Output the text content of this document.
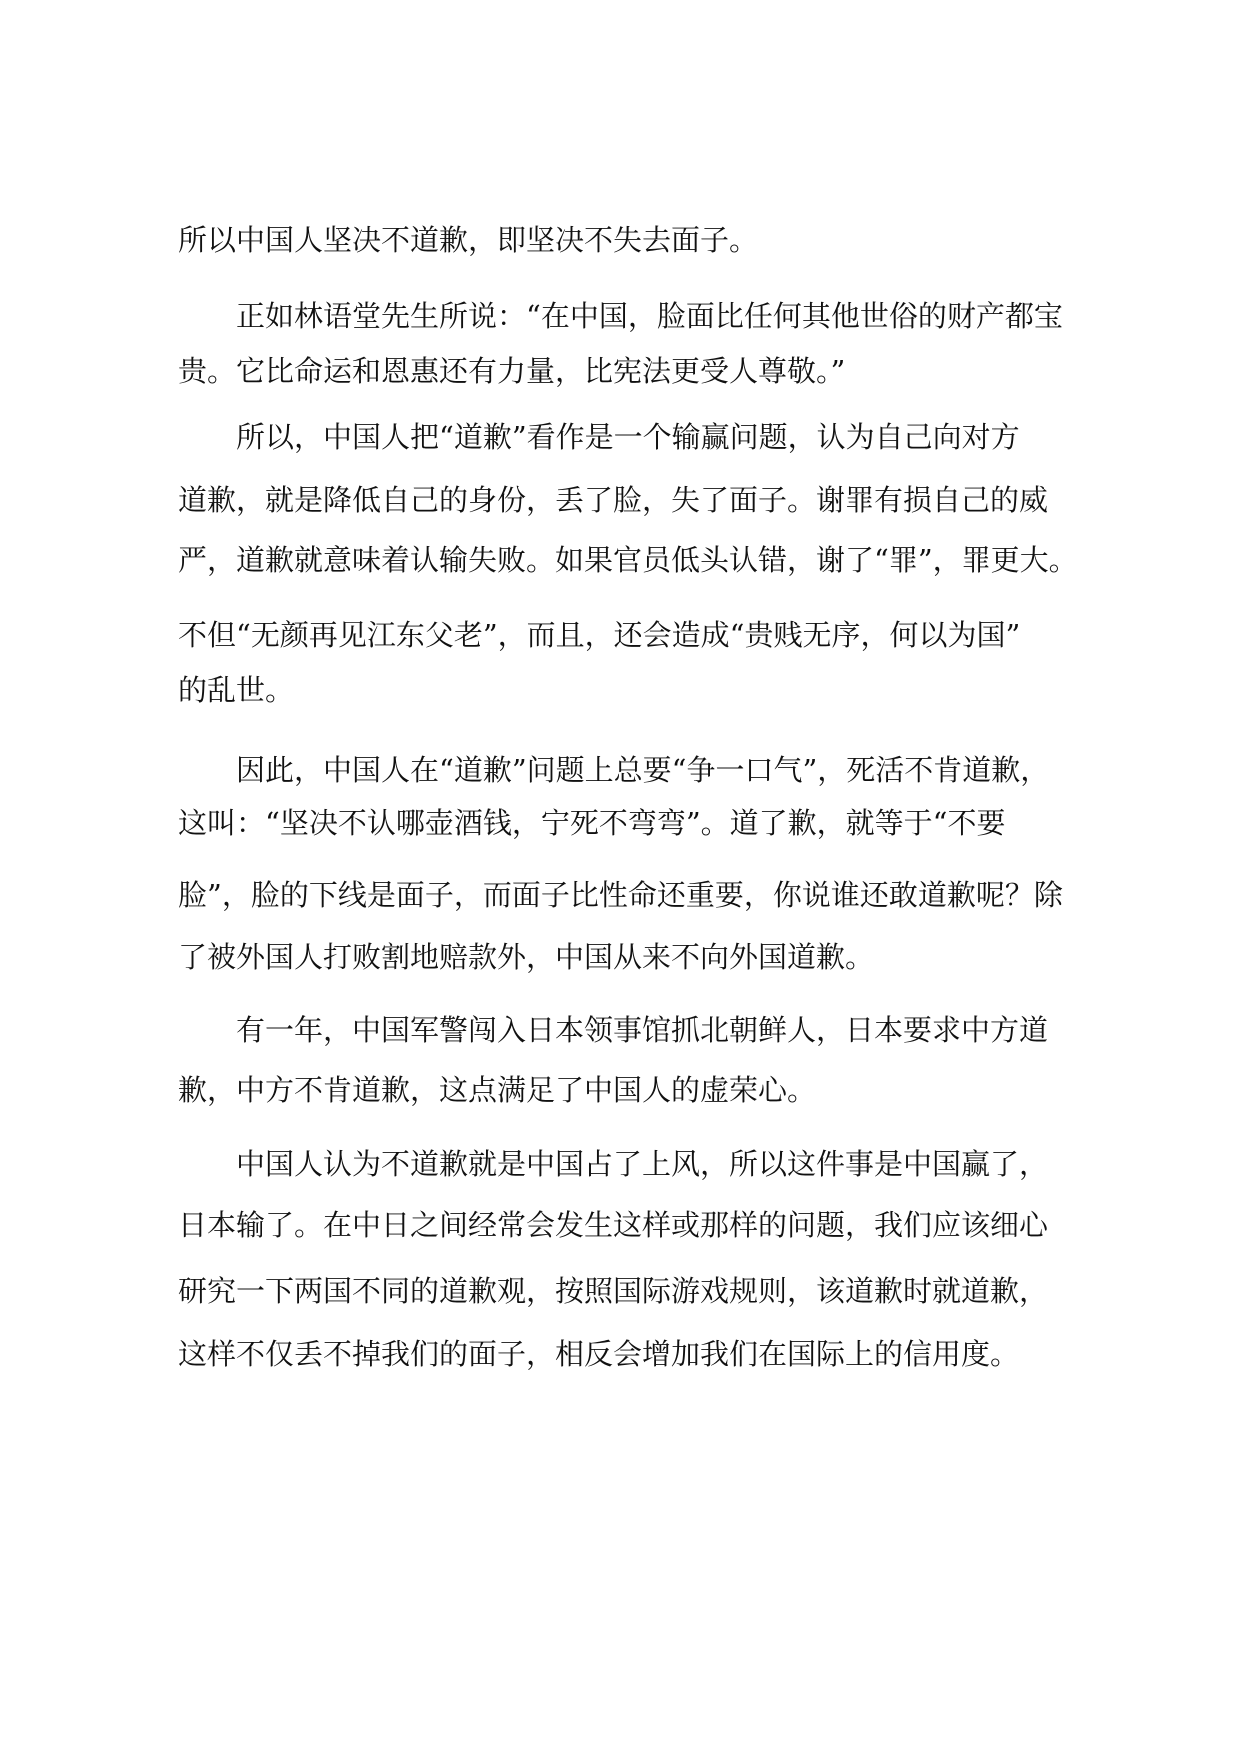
所以中国人坚决不道歉，即坚决不失去面子。
正如林语堂先生所说：“在中国，脸面比任何其他世俗的财产都宝
贵。它比命运和恩惠还有力量，比宪法更受人尊敬。”
所以，中国人把“道歉”看作是一个输赢问题，认为自己向对方
道歉，就是降低自己的身份，丢了脸，失了面子。谢罪有损自己的威
严，道歉就意味着认输失败。如果官员低头认错，谢了“罪”，罪更大。
不但“无颜再见江东父老”，而且，还会造成“贵贱无序，何以为国”
的乱世。
因此，中国人在“道歉”问题上总要“争一口气”，死活不肯道歉，
这叫：“坚决不认哪壶酒钱，宁死不弯弯”。道了歉，就等于“不要
脸”，脸的下线是面子，而面子比性命还重要，你说谁还敢道歉呢？除
了被外国人打败割地赔款外，中国从来不向外国道歉。
有一年，中国军警闯入日本领事馆抓北朝鲜人，日本要求中方道
歉，中方不肯道歉，这点满足了中国人的虚荣心。
中国人认为不道歉就是中国占了上风，所以这件事是中国赢了，
日本输了。在中日之间经常会发生这样或那样的问题，我们应该细心
研究一下两国不同的道歉观，按照国际游戏规则，该道歉时就道歉，
这样不仅丢不掉我们的面子，相反会增加我们在国际上的信用度。
